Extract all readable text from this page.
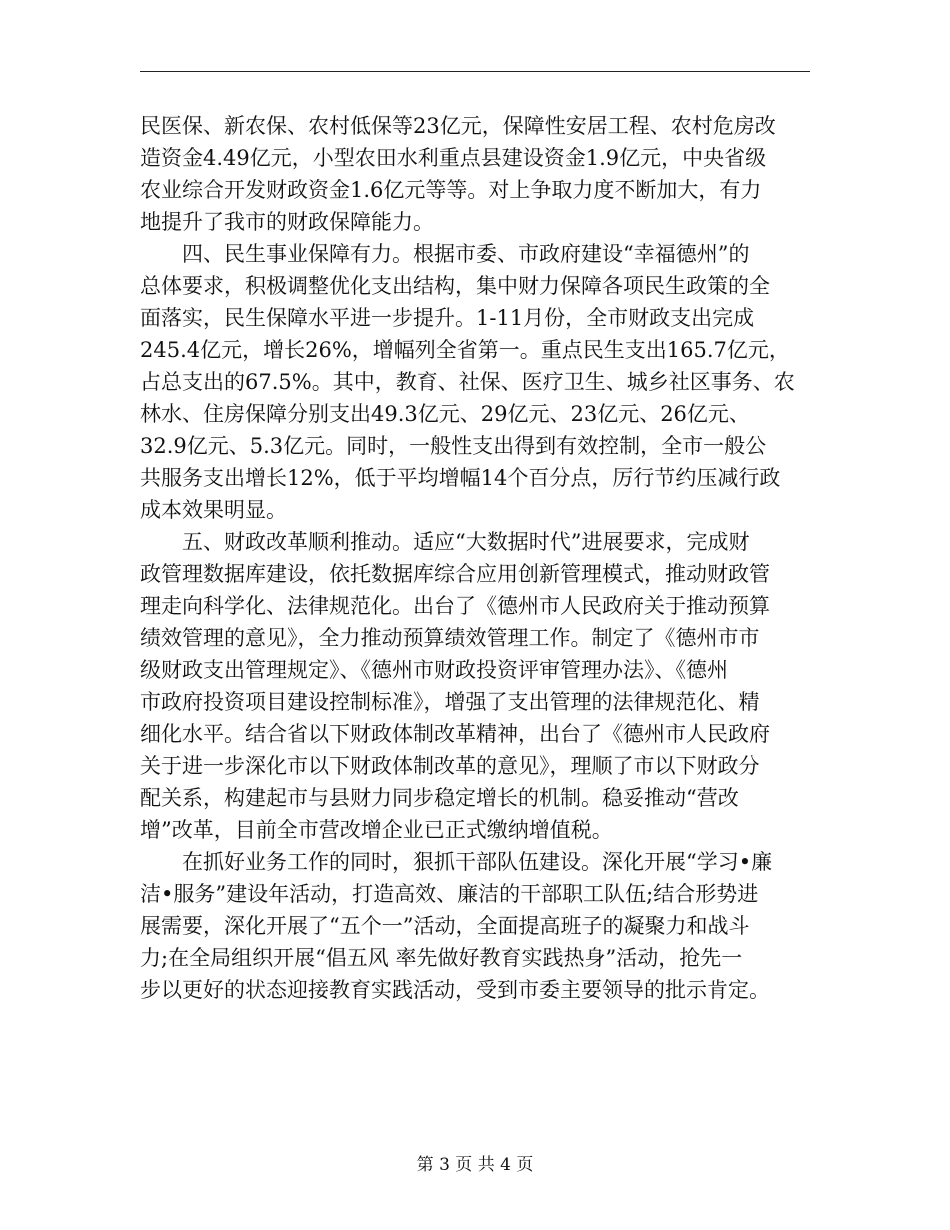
民医保、新农保、农村低保等23亿元，保障性安居工程、农村危房改
造资金4.49亿元，小型农田水利重点县建设资金1.9亿元，中央省级
农业综合开发财政资金1.6亿元等等。对上争取力度不断加大，有力
地提升了我市的财政保障能力。
　　四、民生事业保障有力。根据市委、市政府建设“幸福德州”的
总体要求，积极调整优化支出结构，集中财力保障各项民生政策的全
面落实，民生保障水平进一步提升。1-11月份，全市财政支出完成
245.4亿元，增长26%，增幅列全省第一。重点民生支出165.7亿元，
占总支出的67.5%。其中，教育、社保、医疗卫生、城乡社区事务、农
林水、住房保障分别支出49.3亿元、29亿元、23亿元、26亿元、
32.9亿元、5.3亿元。同时，一般性支出得到有效控制，全市一般公
共服务支出增长12%，低于平均增幅14个百分点，厉行节约压减行政
成本效果明显。
　　五、财政改革顺利推动。适应“大数据时代”进展要求，完成财
政管理数据库建设，依托数据库综合应用创新管理模式，推动财政管
理走向科学化、法律规范化。出台了《德州市人民政府关于推动预算
绩效管理的意见》，全力推动预算绩效管理工作。制定了《德州市市
级财政支出管理规定》、《德州市财政投资评审管理办法》、《德州
市政府投资项目建设控制标准》，增强了支出管理的法律规范化、精
细化水平。结合省以下财政体制改革精神，出台了《德州市人民政府
关于进一步深化市以下财政体制改革的意见》，理顺了市以下财政分
配关系，构建起市与县财力同步稳定增长的机制。稳妥推动“营改
增”改革，目前全市营改增企业已正式缴纳增值税。
　　在抓好业务工作的同时，狠抓干部队伍建设。深化开展“学习•廉
洁•服务”建设年活动，打造高效、廉洁的干部职工队伍;结合形势进
展需要，深化开展了“五个一”活动，全面提高班子的凝聚力和战斗
力;在全局组织开展“倡五风 率先做好教育实践热身”活动，抢先一
步以更好的状态迎接教育实践活动，受到市委主要领导的批示肯定。
第 3 页 共 4 页
